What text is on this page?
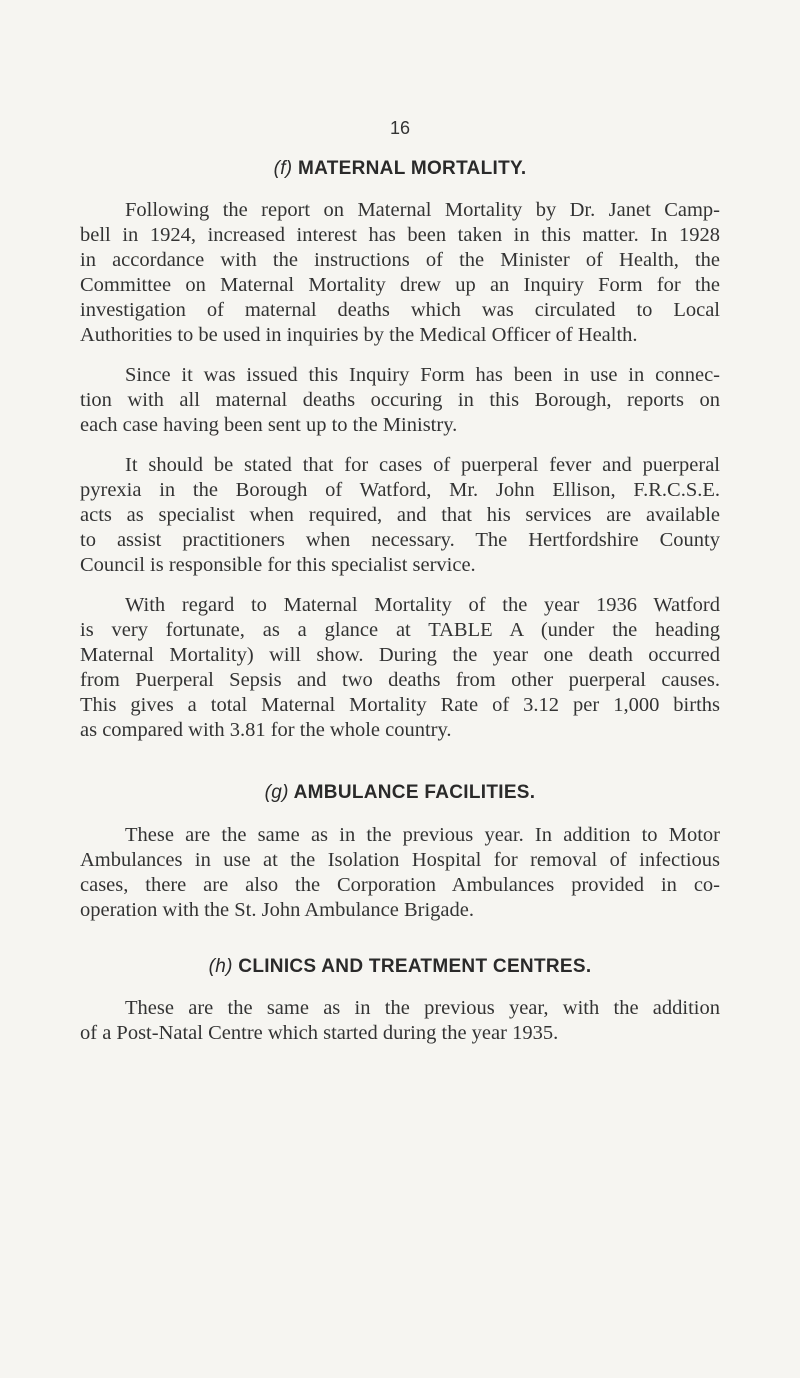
16
(f) MATERNAL MORTALITY.
Following the report on Maternal Mortality by Dr. Janet Camp-
bell in 1924, increased interest has been taken in this matter. In 1928
in accordance with the instructions of the Minister of Health, the
Committee on Maternal Mortality drew up an Inquiry Form for the
investigation of maternal deaths which was circulated to Local
Authorities to be used in inquiries by the Medical Officer of Health.
Since it was issued this Inquiry Form has been in use in connec-
tion with all maternal deaths occuring in this Borough, reports on
each case having been sent up to the Ministry.
It should be stated that for cases of puerperal fever and puerperal
pyrexia in the Borough of Watford, Mr. John Ellison, F.R.C.S.E.
acts as specialist when required, and that his services are available
to assist practitioners when necessary. The Hertfordshire County
Council is responsible for this specialist service.
With regard to Maternal Mortality of the year 1936 Watford
is very fortunate, as a glance at TABLE A (under the heading
Maternal Mortality) will show. During the year one death occurred
from Puerperal Sepsis and two deaths from other puerperal causes.
This gives a total Maternal Mortality Rate of 3.12 per 1,000 births
as compared with 3.81 for the whole country.
(g) AMBULANCE FACILITIES.
These are the same as in the previous year. In addition to Motor
Ambulances in use at the Isolation Hospital for removal of infectious
cases, there are also the Corporation Ambulances provided in co-
operation with the St. John Ambulance Brigade.
(h) CLINICS AND TREATMENT CENTRES.
These are the same as in the previous year, with the addition
of a Post-Natal Centre which started during the year 1935.
